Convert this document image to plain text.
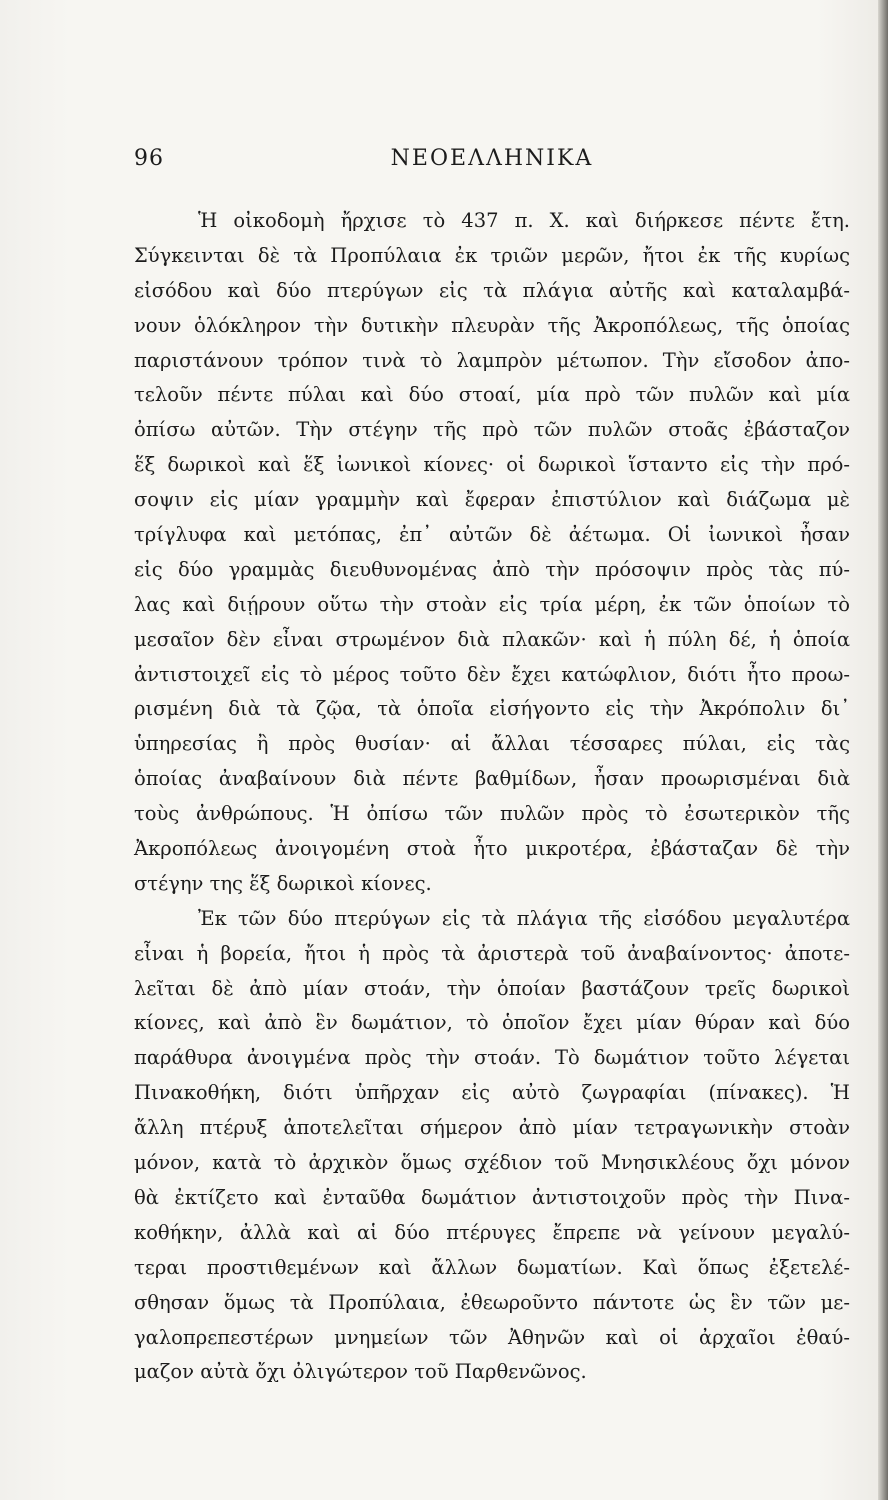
96	ΝΕΟΕΛΛΗΝΙΚΑ
Ἡ οἰκοδομὴ ἤρχισε τὸ 437 π. Χ. καὶ διήρκεσε πέντε ἔτη.
Σύγκεινται δὲ τὰ Προπύλαια ἐκ τριῶν μερῶν, ἤτοι ἐκ τῆς κυρίως
εἰσόδου καὶ δύο πτερύγων εἰς τὰ πλάγια αὐτῆς καὶ καταλαμβά-
νουν ὁλόκληρον τὴν δυτικὴν πλευρὰν τῆς Ἀκροπόλεως, τῆς ὁποίας
παριστάνουν τρόπον τινὰ τὸ λαμπρὸν μέτωπον. Τὴν εἴσοδον ἀπο-
τελοῦν πέντε πύλαι καὶ δύο στοαί, μία πρὸ τῶν πυλῶν καὶ μία
ὀπίσω αὐτῶν. Τὴν στέγην τῆς πρὸ τῶν πυλῶν στοᾶς ἐβάσταζον
ἕξ δωρικοὶ καὶ ἕξ ἰωνικοὶ κίονες· οἱ δωρικοὶ ἵσταντο εἰς τὴν πρό-
σοψιν εἰς μίαν γραμμὴν καὶ ἔφεραν ἐπιστύλιον καὶ διάζωμα μὲ
τρίγλυφα καὶ μετόπας, ἐπ᾽ αὐτῶν δὲ ἀέτωμα. Οἱ ἰωνικοὶ ἦσαν
εἰς δύο γραμμὰς διευθυνομένας ἀπὸ τὴν πρόσοψιν πρὸς τὰς πύ-
λας καὶ διῄρουν οὕτω τὴν στοὰν εἰς τρία μέρη, ἐκ τῶν ὁποίων τὸ
μεσαῖον δὲν εἶναι στρωμένον διὰ πλακῶν· καὶ ἡ πύλη δέ, ἡ ὁποία
ἀντιστοιχεῖ εἰς τὸ μέρος τοῦτο δὲν ἔχει κατώφλιον, διότι ἦτο προω-
ρισμένη διὰ τὰ ζῷα, τὰ ὁποῖα εἰσήγοντο εἰς τὴν Ἀκρόπολιν δι᾽
ὑπηρεσίας ἢ πρὸς θυσίαν· αἱ ἄλλαι τέσσαρες πύλαι, εἰς τὰς
ὁποίας ἀναβαίνουν διὰ πέντε βαθμίδων, ἦσαν προωρισμέναι διὰ
τοὺς ἀνθρώπους. Ἡ ὀπίσω τῶν πυλῶν πρὸς τὸ ἐσωτερικὸν τῆς
Ἀκροπόλεως ἀνοιγομένη στοὰ ἦτο μικροτέρα, ἐβάσταζαν δὲ τὴν
στέγην της ἕξ δωρικοὶ κίονες.
Ἐκ τῶν δύο πτερύγων εἰς τὰ πλάγια τῆς εἰσόδου μεγαλυτέρα
εἶναι ἡ βορεία, ἤτοι ἡ πρὸς τὰ ἀριστερὰ τοῦ ἀναβαίνοντος· ἀποτε-
λεῖται δὲ ἀπὸ μίαν στοάν, τὴν ὁποίαν βαστάζουν τρεῖς δωρικοὶ
κίονες, καὶ ἀπὸ ἓν δωμάτιον, τὸ ὁποῖον ἔχει μίαν θύραν καὶ δύο
παράθυρα ἀνοιγμένα πρὸς τὴν στοάν. Τὸ δωμάτιον τοῦτο λέγεται
Πινακοθήκη, διότι ὑπῆρχαν εἰς αὐτὸ ζωγραφίαι (πίνακες). Ἡ
ἄλλη πτέρυξ ἀποτελεῖται σήμερον ἀπὸ μίαν τετραγωνικὴν στοὰν
μόνον, κατὰ τὸ ἀρχικὸν ὅμως σχέδιον τοῦ Μνησικλέους ὄχι μόνον
θὰ ἐκτίζετο καὶ ἐνταῦθα δωμάτιον ἀντιστοιχοῦν πρὸς τὴν Πινα-
κοθήκην, ἀλλὰ καὶ αἱ δύο πτέρυγες ἔπρεπε νὰ γείνουν μεγαλύ-
τεραι προστιθεμένων καὶ ἄλλων δωματίων. Καὶ ὅπως ἐξετελέ-
σθησαν ὅμως τὰ Προπύλαια, ἐθεωροῦντο πάντοτε ὡς ἓν τῶν με-
γαλοπρεπεστέρων μνημείων τῶν Ἀθηνῶν καὶ οἱ ἀρχαῖοι ἐθαύ-
μαζον αὐτὰ ὄχι ὀλιγώτερον τοῦ Παρθενῶνος.
